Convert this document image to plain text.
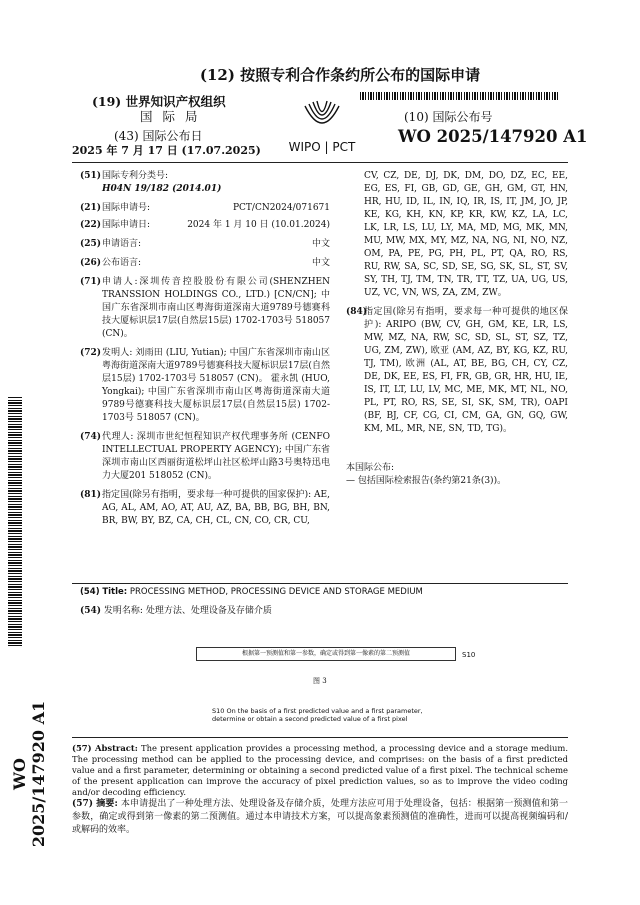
(12) 按照专利合作条约所公布的国际申请
(19) 世界知识产权组织
国 际 局
(43) 国际公布日
2025 年 7 月 17 日 (17.07.2025) WIPO | PCT
(10) 国际公布号
WO 2025/147920 A1
(51) 国际专利分类号:
H04N 19/182 (2014.01)
(21) 国际申请号:	PCT/CN2024/071671
(22) 国际申请日:	2024 年 1 月 10 日 (10.01.2024)
(25) 申请语言:	中文
(26) 公布语言:	中文
(71) 申请人:深圳传音控股股份有限公司(SHENZHEN TRANSSION HOLDINGS CO., LTD.) [CN/CN]; 中国广东省深圳市南山区粤海街道深南大道9789号德赛科技大厦标识层17层(自然层15层) 1702-1703号 518057 (CN)。
(72) 发明人: 刘雨田 (LIU, Yutian); 中国广东省深圳市南山区粤海街道深南大道9789号德赛科技大厦标识层17层(自然层15层) 1702-1703号 518057 (CN)。 霍永凯 (HUO, Yongkai); 中国广东省深圳市南山区粤海街道深南大道9789号德赛科技大厦标识层17层(自然层15层) 1702-1703号 518057 (CN)。
(74) 代理人: 深圳市世纪恒程知识产权代理事务所 (CENFO INTELLECTUAL PROPERTY AGENCY); 中国广东省深圳市南山区西丽街道松坪山社区松坪山路3号奥特迅电力大厦201 518052 (CN)。
(81) 指定国(除另有指明，要求每一种可提供的国家保护): AE, AG, AL, AM, AO, AT, AU, AZ, BA, BB, BG, BH, BN, BR, BW, BY, BZ, CA, CH, CL, CN, CO, CR, CU,
CV, CZ, DE, DJ, DK, DM, DO, DZ, EC, EE, EG, ES, FI, GB, GD, GE, GH, GM, GT, HN, HR, HU, ID, IL, IN, IQ, IR, IS, IT, JM, JO, JP, KE, KG, KH, KN, KP, KR, KW, KZ, LA, LC, LK, LR, LS, LU, LY, MA, MD, MG, MK, MN, MU, MW, MX, MY, MZ, NA, NG, NI, NO, NZ, OM, PA, PE, PG, PH, PL, PT, QA, RO, RS, RU, RW, SA, SC, SD, SE, SG, SK, SL, ST, SV, SY, TH, TJ, TM, TN, TR, TT, TZ, UA, UG, US, UZ, VC, VN, WS, ZA, ZM, ZW。
(84)
指定国(除另有指明，要求每一种可提供的地区保护): ARIPO (BW, CV, GH, GM, KE, LR, LS, MW, MZ, NA, RW, SC, SD, SL, ST, SZ, TZ, UG, ZM, ZW), 欧亚 (AM, AZ, BY, KG, KZ, RU, TJ, TM), 欧洲 (AL, AT, BE, BG, CH, CY, CZ, DE, DK, EE, ES, FI, FR, GB, GR, HR, HU, IE, IS, IT, LT, LU, LV, MC, ME, MK, MT, NL, NO, PL, PT, RO, RS, SE, SI, SK, SM, TR), OAPI (BF, BJ, CF, CG, CI, CM, GA, GN, GQ, GW, KM, ML, MR, NE, SN, TD, TG)。
本国际公布:
— 包括国际检索报告(条约第21条(3))。
WO 2025/147920 A1
(54) Title: PROCESSING METHOD, PROCESSING DEVICE AND STORAGE MEDIUM
(54) 发明名称: 处理方法、处理设备及存储介质
根据第一预测值和第一参数，确定或得到第一像素的第二预测值	S10
图 3
S10 On the basis of a first predicted value and a first parameter, determine or obtain a second predicted value of a first pixel
(57) Abstract: The present application provides a processing method, a processing device and a storage medium. The processing method can be applied to the processing device, and comprises: on the basis of a first predicted value and a first parameter, determining or obtaining a second predicted value of a first pixel. The technical scheme of the present application can improve the accuracy of pixel prediction values, so as to improve the video coding and/or decoding efficiency.
(57) 摘要: 本申请提出了一种处理方法、处理设备及存储介质，处理方法应可用于处理设备，包括：根据第一预测值和第一参数，确定或得到第一像素的第二预测值。通过本申请技术方案，可以提高象素预测值的准确性，进而可以提高视频编码和/或解码的效率。
